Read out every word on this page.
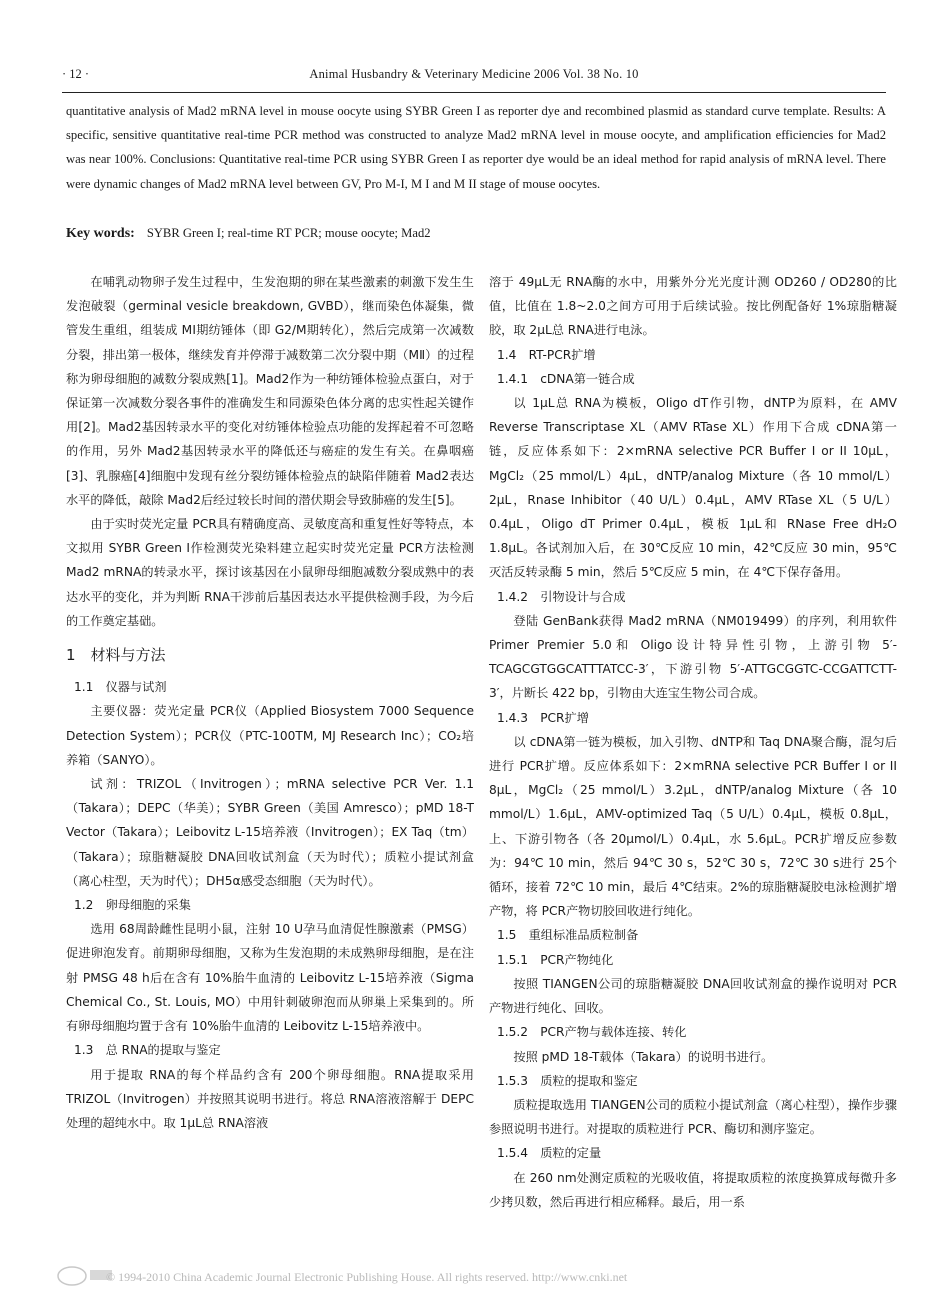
· 12 ·	Animal Husbandry & Veterinary Medicine 2006 Vol. 38 No. 10
quantitative analysis of Mad2 mRNA level in mouse oocyte using SYBR Green I as reporter dye and recombined plasmid as standard curve template. Results: A specific, sensitive quantitative real-time PCR method was constructed to analyze Mad2 mRNA level in mouse oocyte, and amplification efficiencies for Mad2 was near 100%. Conclusions: Quantitative real-time PCR using SYBR Green I as reporter dye would be an ideal method for rapid analysis of mRNA level. There were dynamic changes of Mad2 mRNA level between GV, Pro M-I, M I and M II stage of mouse oocytes.
Key words: SYBR Green I; real-time RT PCR; mouse oocyte; Mad2

在哺乳动物卵子发生过程中，生发泡期的卵在某些激素的刺激下发生生发泡破裂（germinal vesicle breakdown, GVBD），继而染色体凝集，微管发生重组，组装成 MⅠ期纺锤体（即 G2/M期转化），然后完成第一次减数分裂，排出第一极体，继续发育并停滞于减数第二次分裂中期（MⅡ）的过程称为卵母细胞的减数分裂成熟[1]。Mad2作为一种纺锤体检验点蛋白，对于保证第一次减数分裂各事件的准确发生和同源染色体分离的忠实性起关键作用[2]。Mad2基因转录水平的变化对纺锤体检验点功能的发挥起着不可忽略的作用，另外 Mad2基因转录水平的降低还与癌症的发生有关。在鼻咽癌[3]、乳腺癌[4]细胞中发现有丝分裂纺锤体检验点的缺陷伴随着 Mad2表达水平的降低，敲除 Mad2后经过较长时间的潜伏期会导致肺癌的发生[5]。

由于实时荧光定量 PCR具有精确度高、灵敏度高和重复性好等特点，本文拟用 SYBR Green I作检测荧光染料建立起实时荧光定量 PCR方法检测 Mad2 mRNA的转录水平，探讨该基因在小鼠卵母细胞减数分裂成熟中的表达水平的变化，并为判断 RNA干涉前后基因表达水平提供检测手段，为今后的工作奠定基础。

1　材料与方法
1.1　仪器与试剂

主要仪器：荧光定量 PCR仪（Applied Biosystem 7000 Sequence Detection System）；PCR仪（PTC-100TM, MJ Research Inc）；CO₂培养箱（SANYO）。

试剂：TRIZOL（Invitrogen）；mRNA selective PCR Ver. 1.1（Takara）；DEPC（华美）；SYBR Green（美国 Amresco）；pMD 18-T Vector（Takara）；Leibovitz L-15培养液（Invitrogen）；EX Taq（tm）（Takara）；琼脂糖凝胶 DNA回收试剂盒（天为时代）；质粒小提试剂盒（离心柱型，天为时代）；DH5α感受态细胞（天为时代）。

1.2　卵母细胞的采集

选用 68周龄雌性昆明小鼠，注射 10 U孕马血清促性腺激素（PMSG）促进卵泡发育。前期卵母细胞，又称为生发泡期的未成熟卵母细胞，是在注射 PMSG 48 h后在含有 10%胎牛血清的 Leibovitz L-15培养液（Sigma Chemical Co., St. Louis, MO）中用针刺破卵泡而从卵巢上采集到的。所有卵母细胞均置于含有 10%胎牛血清的 Leibovitz L-15培养液中。

1.3　总 RNA的提取与鉴定

用于提取 RNA的每个样品约含有 200个卵母细胞。RNA提取采用 TRIZOL（Invitrogen）并按照其说明书进行。将总 RNA溶液溶解于 DEPC处理的超纯水中。取 1μL总 RNA溶液

溶于 49μL无 RNA酶的水中，用紫外分光光度计测 OD260 / OD280的比值，比值在 1.8~2.0之间方可用于后续试验。按比例配备好 1%琼脂糖凝胶，取 2μL总 RNA进行电泳。

1.4　RT-PCR扩增
1.4.1　cDNA第一链合成

以 1μL总 RNA为模板，Oligo dT作引物，dNTP为原料，在 AMV Reverse Transcriptase XL（AMV RTase XL）作用下合成 cDNA第一链，反应体系如下：2×mRNA selective PCR Buffer I or II 10μL，MgCl₂（25 mmol/L）4μL，dNTP/analog Mixture（各 10 mmol/L）2μL，Rnase Inhibitor（40 U/L）0.4μL，AMV RTase XL（5 U/L）0.4μL，Oligo dT Primer 0.4μL，模板 1μL和 RNase Free dH₂O 1.8μL。各试剂加入后，在 30℃反应 10 min，42℃反应 30 min，95℃灭活反转录酶 5 min，然后 5℃反应 5 min，在 4℃下保存备用。

1.4.2　引物设计与合成

登陆 GenBank获得 Mad2 mRNA（NM019499）的序列，利用软件 Primer Premier 5.0和 Oligo设计特异性引物，上游引物 5′-TCAGCGTGGCATTTATCC-3′，下游引物 5′-ATTGCGGTC-CCGATTCTT-3′，片断长 422 bp，引物由大连宝生物公司合成。

1.4.3　PCR扩增

以 cDNA第一链为模板，加入引物、dNTP和 Taq DNA聚合酶，混匀后进行 PCR扩增。反应体系如下：2×mRNA selective PCR Buffer I or II 8μL，MgCl₂（25 mmol/L）3.2μL，dNTP/analog Mixture（各 10 mmol/L）1.6μL，AMV-optimized Taq（5 U/L）0.4μL，模板 0.8μL，上、下游引物各（各 20μmol/L）0.4μL，水 5.6μL。PCR扩增反应参数为：94℃ 10 min，然后 94℃ 30 s，52℃ 30 s，72℃ 30 s进行 25个循环，接着 72℃ 10 min，最后 4℃结束。2%的琼脂糖凝胶电泳检测扩增产物，将 PCR产物切胶回收进行纯化。

1.5　重组标准品质粒制备
1.5.1　PCR产物纯化

按照 TIANGEN公司的琼脂糖凝胶 DNA回收试剂盒的操作说明对 PCR产物进行纯化、回收。

1.5.2　PCR产物与载体连接、转化

按照 pMD 18-T载体（Takara）的说明书进行。

1.5.3　质粒的提取和鉴定

质粒提取选用 TIANGEN公司的质粒小提试剂盒（离心柱型），操作步骤参照说明书进行。对提取的质粒进行 PCR、酶切和测序鉴定。

1.5.4　质粒的定量

在 260 nm处测定质粒的光吸收值，将提取质粒的浓度换算成每微升多少拷贝数，然后再进行相应稀释。最后，用一系

© 1994-2010 China Academic Journal Electronic Publishing House. All rights reserved. http://www.cnki.net
